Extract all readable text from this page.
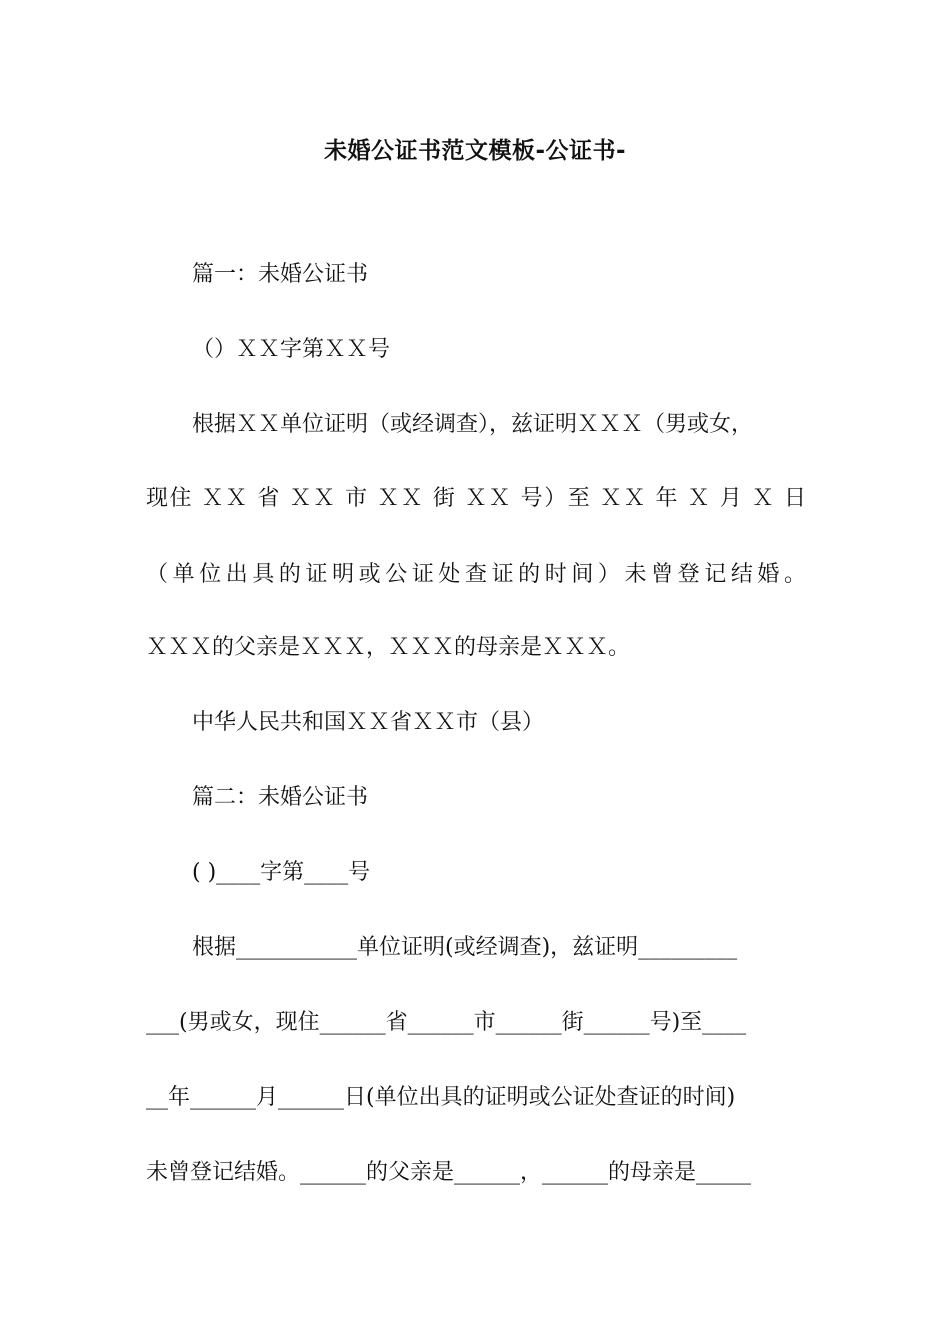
未婚公证书范文模板-公证书-
篇一：未婚公证书
（）ＸＸ字第ＸＸ号
根据ＸＸ单位证明（或经调查），兹证明ＸＸＸ（男或女，
现住 ＸＸ 省 ＸＸ 市 ＸＸ 街 ＸＸ 号）至 ＸＸ 年 Ｘ 月 Ｘ 日
（单位出具的证明或公证处查证的时间）未曾登记结婚。
ＸＸＸ的父亲是ＸＸＸ，ＸＸＸ的母亲是ＸＸＸ。
中华人民共和国ＸＸ省ＸＸ市（县）
篇二：未婚公证书
( )____字第____号
根据___________单位证明(或经调查)，兹证明_________
___(男或女，现住______省______市______街______号)至____
__年______月______日(单位出具的证明或公证处查证的时间)
未曾登记结婚。______的父亲是______，______的母亲是_____
